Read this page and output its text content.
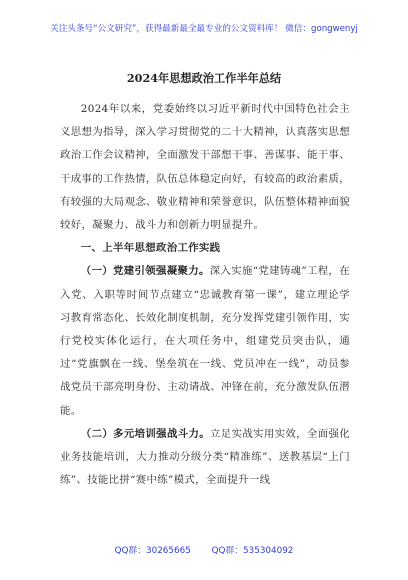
关注头条号“公文研究”，获得最新最全最专业的公文资料库！ 微信：gongwenyj
2024年思想政治工作半年总结

2024年以来，党委始终以习近平新时代中国特色社会主义思想为指导，深入学习贯彻党的二十大精神，认真落实思想政治工作会议精神，全面激发干部想干事、善谋事、能干事、干成事的工作热情，队伍总体稳定向好，有较高的政治素质，有较强的大局观念、敬业精神和荣誉意识，队伍整体精神面貌较好，凝聚力、战斗力和创新力明显提升。

一、上半年思想政治工作实践

（一）党建引领强凝聚力。深入实施“党建铸魂”工程，在入党、入职等时间节点建立“忠诚教育第一课”，建立理论学习教育常态化、长效化制度机制，充分发挥党建引领作用，实行党校实体化运行，在大项任务中，组建党员突击队，通过“党旗飘在一线、堡垒筑在一线、党员冲在一线”，动员参战党员干部亮明身份、主动请战、冲锋在前，充分激发队伍潜能。

（二）多元培训强战斗力。立足实战实用实效，全面强化业务技能培训，大力推动分级分类“精准练”、送教基层“上门练”、技能比拼“赛中练”模式，全面提升一线

QQ群：30265665 QQ群：535304092
